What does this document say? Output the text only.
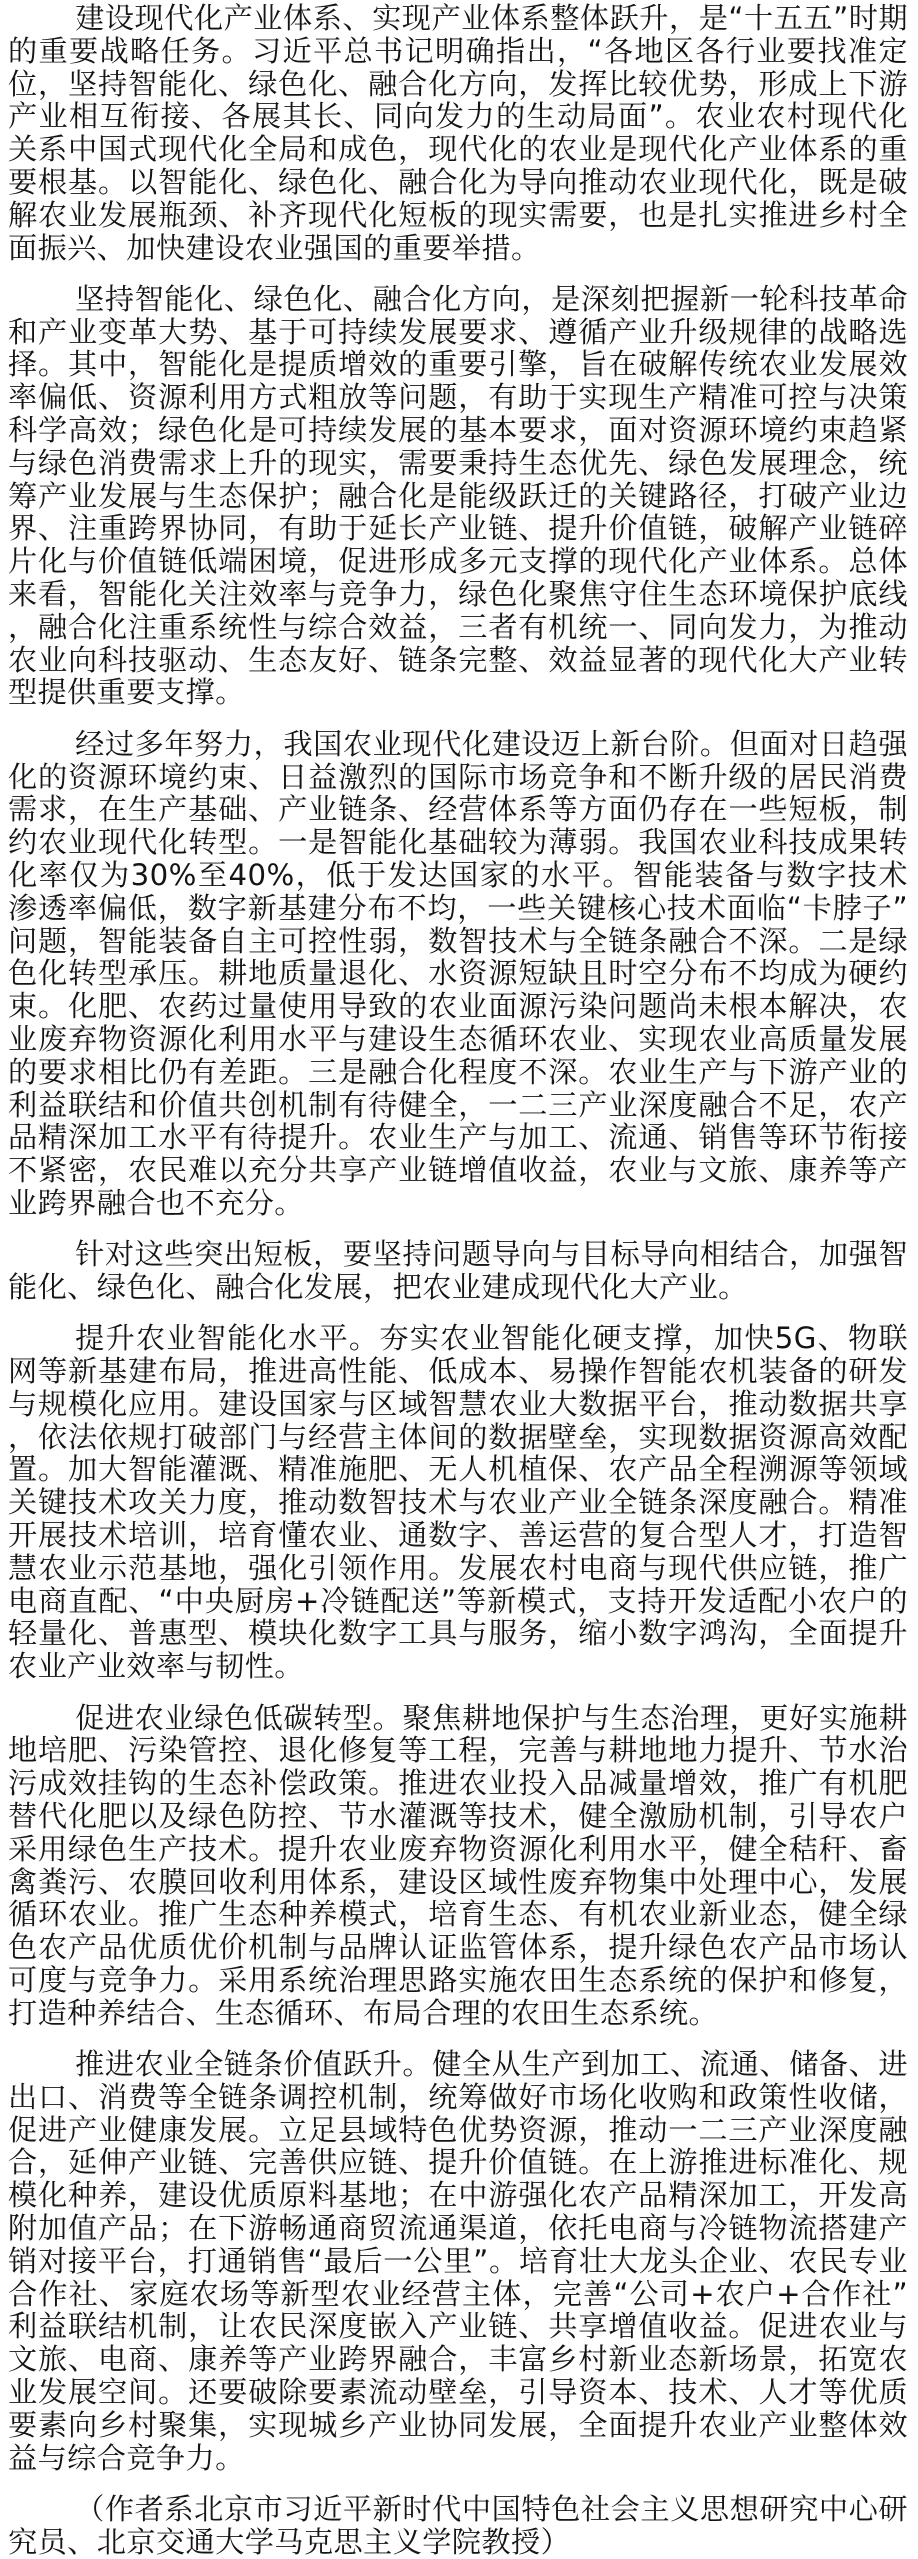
建设现代化产业体系、实现产业体系整体跃升，是“十五五”时期的重要战略任务。习近平总书记明确指出，“各地区各行业要找准定位，坚持智能化、绿色化、融合化方向，发挥比较优势，形成上下游产业相互衔接、各展其长、同向发力的生动局面”。农业农村现代化关系中国式现代化全局和成色，现代化的农业是现代化产业体系的重要根基。以智能化、绿色化、融合化为导向推动农业现代化，既是破解农业发展瓶颈、补齐现代化短板的现实需要，也是扎实推进乡村全面振兴、加快建设农业强国的重要举措。

坚持智能化、绿色化、融合化方向，是深刻把握新一轮科技革命和产业变革大势、基于可持续发展要求、遵循产业升级规律的战略选择。其中，智能化是提质增效的重要引擎，旨在破解传统农业发展效率偏低、资源利用方式粗放等问题，有助于实现生产精准可控与决策科学高效；绿色化是可持续发展的基本要求，面对资源环境约束趋紧与绿色消费需求上升的现实，需要秉持生态优先、绿色发展理念，统筹产业发展与生态保护；融合化是能级跃迁的关键路径，打破产业边界、注重跨界协同，有助于延长产业链、提升价值链，破解产业链碎片化与价值链低端困境，促进形成多元支撑的现代化产业体系。总体来看，智能化关注效率与竞争力，绿色化聚焦守住生态环境保护底线，融合化注重系统性与综合效益，三者有机统一、同向发力，为推动农业向科技驱动、生态友好、链条完整、效益显著的现代化大产业转型提供重要支撑。

经过多年努力，我国农业现代化建设迈上新台阶。但面对日趋强化的资源环境约束、日益激烈的国际市场竞争和不断升级的居民消费需求，在生产基础、产业链条、经营体系等方面仍存在一些短板，制约农业现代化转型。一是智能化基础较为薄弱。我国农业科技成果转化率仅为30%至40%，低于发达国家的水平。智能装备与数字技术渗透率偏低，数字新基建分布不均，一些关键核心技术面临“卡脖子”问题，智能装备自主可控性弱，数智技术与全链条融合不深。二是绿色化转型承压。耕地质量退化、水资源短缺且时空分布不均成为硬约束。化肥、农药过量使用导致的农业面源污染问题尚未根本解决，农业废弃物资源化利用水平与建设生态循环农业、实现农业高质量发展的要求相比仍有差距。三是融合化程度不深。农业生产与下游产业的利益联结和价值共创机制有待健全，一二三产业深度融合不足，农产品精深加工水平有待提升。农业生产与加工、流通、销售等环节衔接不紧密，农民难以充分共享产业链增值收益，农业与文旅、康养等产业跨界融合也不充分。

针对这些突出短板，要坚持问题导向与目标导向相结合，加强智能化、绿色化、融合化发展，把农业建成现代化大产业。

提升农业智能化水平。夯实农业智能化硬支撑，加快5G、物联网等新基建布局，推进高性能、低成本、易操作智能农机装备的研发与规模化应用。建设国家与区域智慧农业大数据平台，推动数据共享，依法依规打破部门与经营主体间的数据壁垒，实现数据资源高效配置。加大智能灌溉、精准施肥、无人机植保、农产品全程溯源等领域关键技术攻关力度，推动数智技术与农业产业全链条深度融合。精准开展技术培训，培育懂农业、通数字、善运营的复合型人才，打造智慧农业示范基地，强化引领作用。发展农村电商与现代供应链，推广电商直配、“中央厨房+冷链配送”等新模式，支持开发适配小农户的轻量化、普惠型、模块化数字工具与服务，缩小数字鸿沟，全面提升农业产业效率与韧性。

促进农业绿色低碳转型。聚焦耕地保护与生态治理，更好实施耕地培肥、污染管控、退化修复等工程，完善与耕地地力提升、节水治污成效挂钩的生态补偿政策。推进农业投入品减量增效，推广有机肥替代化肥以及绿色防控、节水灌溉等技术，健全激励机制，引导农户采用绿色生产技术。提升农业废弃物资源化利用水平，健全秸秆、畜禽粪污、农膜回收利用体系，建设区域性废弃物集中处理中心，发展循环农业。推广生态种养模式，培育生态、有机农业新业态，健全绿色农产品优质优价机制与品牌认证监管体系，提升绿色农产品市场认可度与竞争力。采用系统治理思路实施农田生态系统的保护和修复，打造种养结合、生态循环、布局合理的农田生态系统。

推进农业全链条价值跃升。健全从生产到加工、流通、储备、进出口、消费等全链条调控机制，统筹做好市场化收购和政策性收储，促进产业健康发展。立足县域特色优势资源，推动一二三产业深度融合，延伸产业链、完善供应链、提升价值链。在上游推进标准化、规模化种养，建设优质原料基地；在中游强化农产品精深加工，开发高附加值产品；在下游畅通商贸流通渠道，依托电商与冷链物流搭建产销对接平台，打通销售“最后一公里”。培育壮大龙头企业、农民专业合作社、家庭农场等新型农业经营主体，完善“公司+农户+合作社”利益联结机制，让农民深度嵌入产业链、共享增值收益。促进农业与文旅、电商、康养等产业跨界融合，丰富乡村新业态新场景，拓宽农业发展空间。还要破除要素流动壁垒，引导资本、技术、人才等优质要素向乡村聚集，实现城乡产业协同发展，全面提升农业产业整体效益与综合竞争力。

（作者系北京市习近平新时代中国特色社会主义思想研究中心研究员、北京交通大学马克思主义学院教授）
